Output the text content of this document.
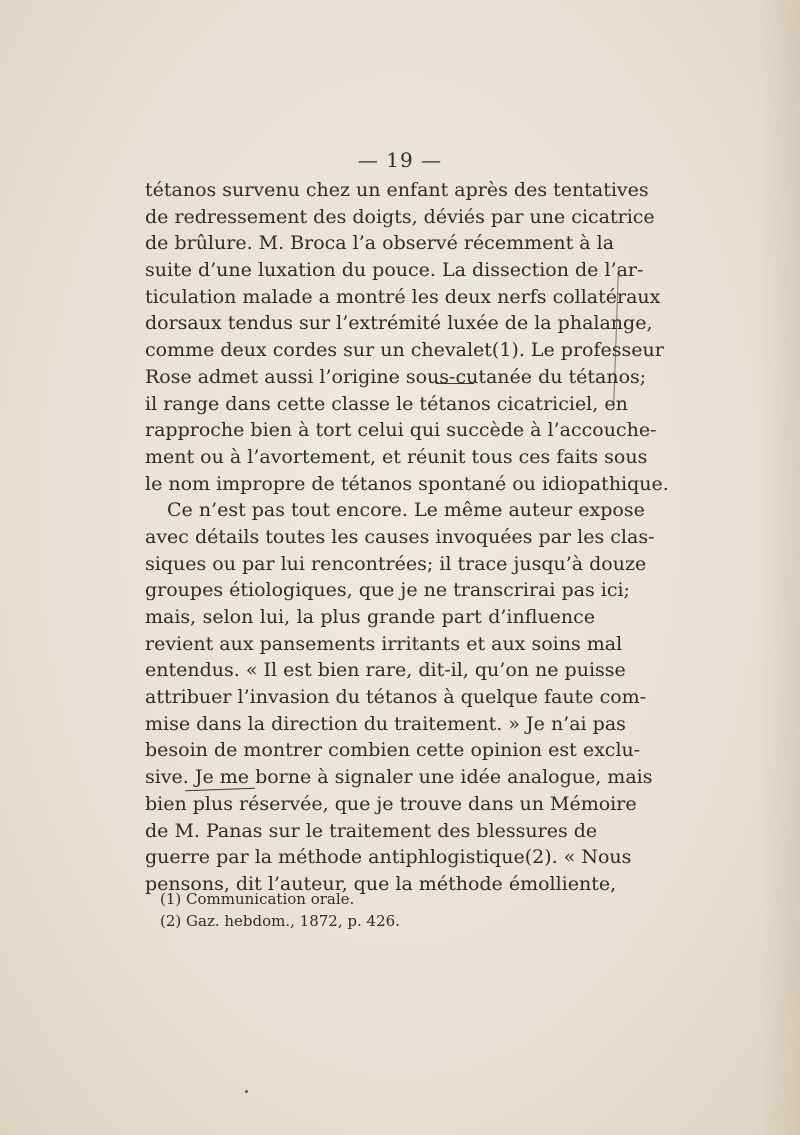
— 19 —
tétanos survenu chez un enfant après des tentatives
de redressement des doigts, déviés par une cicatrice
de brûlure. M. Broca l’a observé récemment à la
suite d’une luxation du pouce. La dissection de l’ar-
ticulation malade a montré les deux nerfs collatéraux
dorsaux tendus sur l’extrémité luxée de la phalange,
comme deux cordes sur un chevalet(1). Le professeur
Rose admet aussi l’origine sous-cutanée du tétanos;
il range dans cette classe le tétanos cicatriciel, en
rapproche bien à tort celui qui succède à l’accouche-
ment ou à l’avortement, et réunit tous ces faits sous
le nom impropre de tétanos spontané ou idiopathique.
Ce n’est pas tout encore. Le même auteur expose
avec détails toutes les causes invoquées par les clas-
siques ou par lui rencontrées; il trace jusqu’à douze
groupes étiologiques, que je ne transcrirai pas ici;
mais, selon lui, la plus grande part d’influence
revient aux pansements irritants et aux soins mal
entendus. « Il est bien rare, dit-il, qu’on ne puisse
attribuer l’invasion du tétanos à quelque faute com-
mise dans la direction du traitement. » Je n’ai pas
besoin de montrer combien cette opinion est exclu-
sive. Je me borne à signaler une idée analogue, mais
bien plus réservée, que je trouve dans un Mémoire
de M. Panas sur le traitement des blessures de
guerre par la méthode antiphlogistique(2). « Nous
pensons, dit l’auteur, que la méthode émolliente,
(1) Communication orale.
(2) Gaz. hebdom., 1872, p. 426.
